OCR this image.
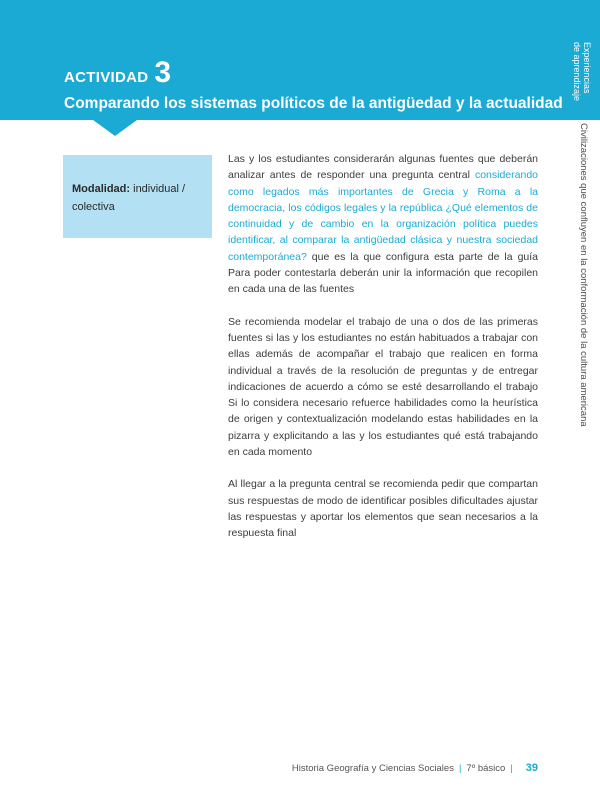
ACTIVIDAD 3
Comparando los sistemas políticos de la antigüedad y la actualidad
Experiencias
de aprendizaje
Civilizaciones que confluyen en la conformación de la cultura americana
Modalidad: individual / colectiva

Las y los estudiantes considerarán algunas fuentes que deberán analizar antes de responder una pregunta central considerando como legados más importantes de Grecia y Roma a la democracia, los códigos legales y la república ¿Qué elementos de continuidad y de cambio en la organización política puedes identificar, al comparar la antigüedad clásica y nuestra sociedad contemporánea? que es la que configura esta parte de la guía Para poder contestarla deberán unir la información que recopilen en cada una de las fuentes

Se recomienda modelar el trabajo de una o dos de las primeras fuentes si las y los estudiantes no están habituados a trabajar con ellas además de acompañar el trabajo que realicen en forma individual a través de la resolución de preguntas y de entregar indicaciones de acuerdo a cómo se esté desarrollando el trabajo Si lo considera necesario refuerce habilidades como la heurística de origen y contextualización modelando estas habilidades en la pizarra y explicitando a las y los estudiantes qué está trabajando en cada momento

Al llegar a la pregunta central se recomienda pedir que compartan sus respuestas de modo de identificar posibles dificultades ajustar las respuestas y aportar los elementos que sean necesarios a la respuesta final

Historia Geografía y Ciencias Sociales | 7º básico | 39
